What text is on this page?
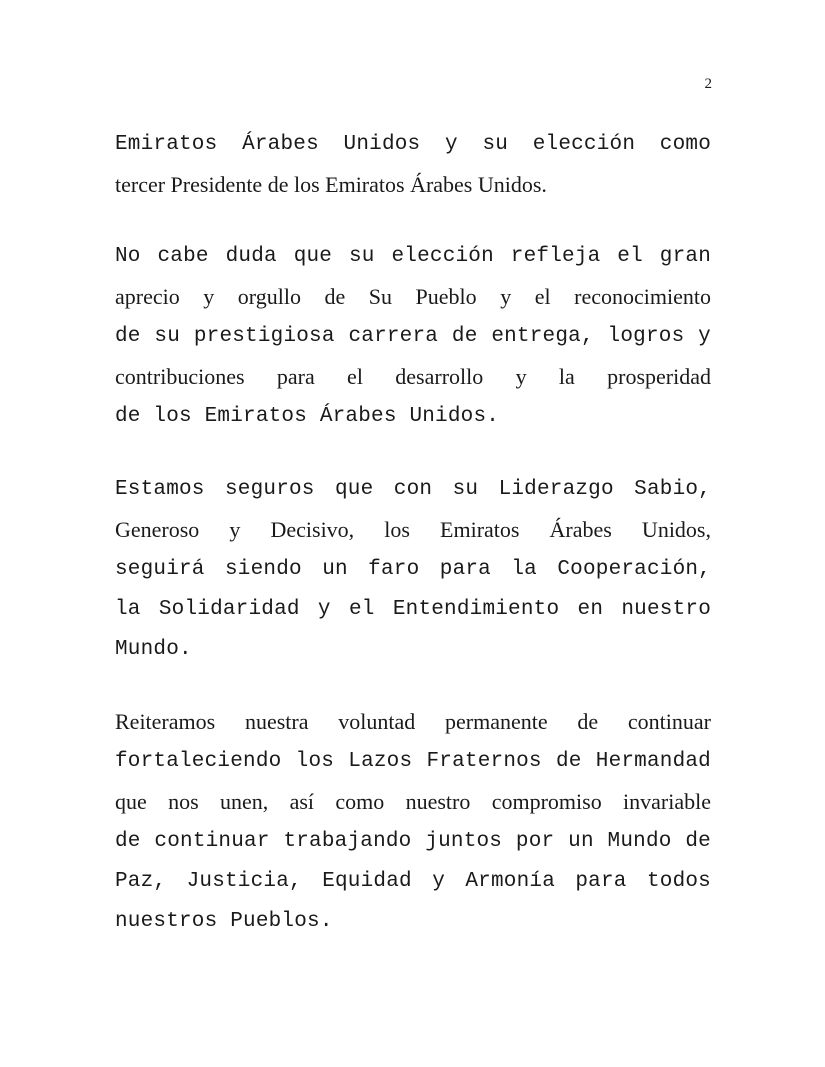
2
Emiratos Árabes Unidos y su elección como
tercer Presidente de los Emiratos Árabes Unidos.
No cabe duda que su elección refleja el gran
aprecio y orgullo de Su Pueblo y el reconocimiento
de su prestigiosa carrera de entrega, logros y
contribuciones para el desarrollo y la prosperidad
de los Emiratos Árabes Unidos.
Estamos seguros que con su Liderazgo Sabio,
Generoso y Decisivo, los Emiratos Árabes Unidos,
seguirá siendo un faro para la Cooperación,
la Solidaridad y el Entendimiento en nuestro
Mundo.
Reiteramos nuestra voluntad permanente de continuar
fortaleciendo los Lazos Fraternos de Hermandad
que nos unen, así como nuestro compromiso invariable
de continuar trabajando juntos por un Mundo de
Paz, Justicia, Equidad y Armonía para todos
nuestros Pueblos.
